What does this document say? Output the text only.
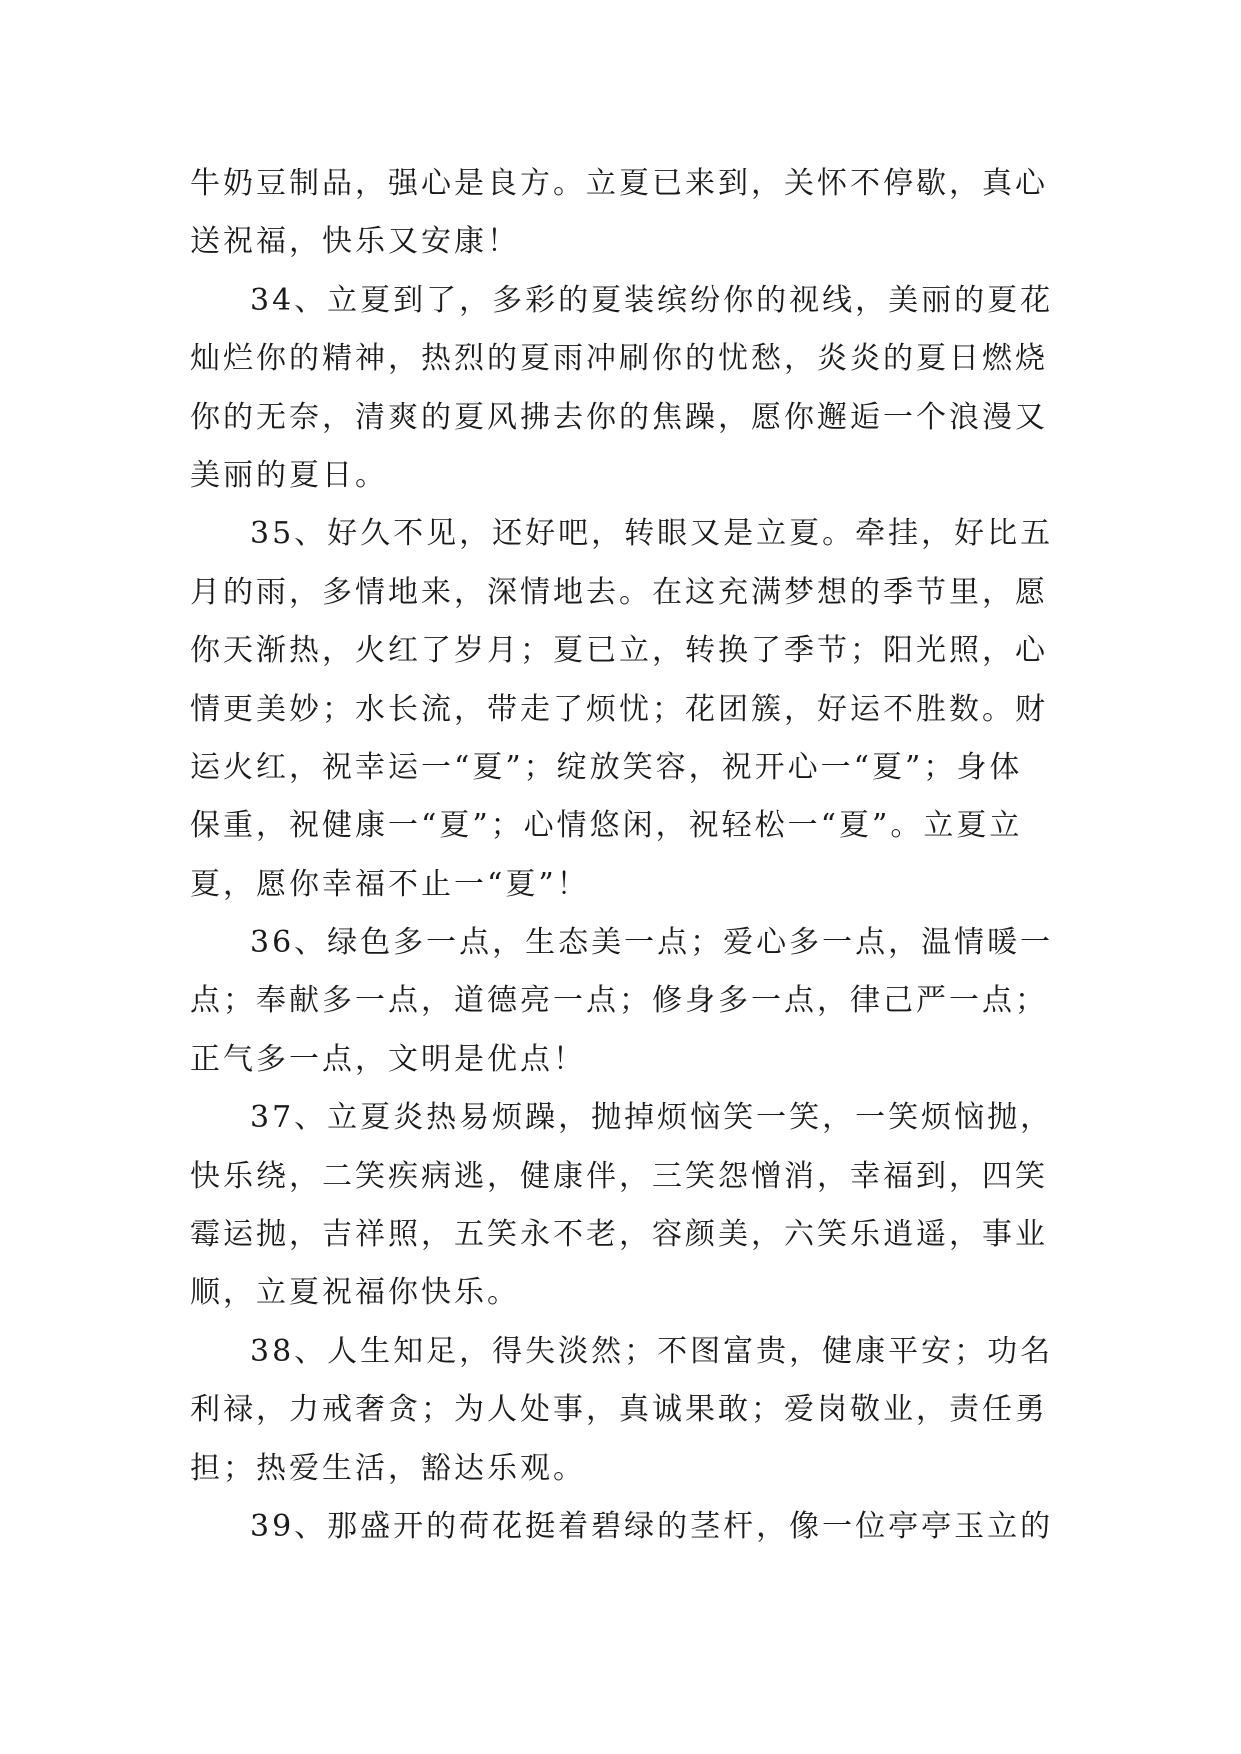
牛奶豆制品，强心是良方。立夏已来到，关怀不停歇，真心
送祝福，快乐又安康！
34、立夏到了，多彩的夏装缤纷你的视线，美丽的夏花
灿烂你的精神，热烈的夏雨冲刷你的忧愁，炎炎的夏日燃烧
你的无奈，清爽的夏风拂去你的焦躁，愿你邂逅一个浪漫又
美丽的夏日。
35、好久不见，还好吧，转眼又是立夏。牵挂，好比五
月的雨，多情地来，深情地去。在这充满梦想的季节里，愿
你天渐热，火红了岁月；夏已立，转换了季节；阳光照，心
情更美妙；水长流，带走了烦忧；花团簇，好运不胜数。财
运火红，祝幸运一“夏”；绽放笑容，祝开心一“夏”；身体
保重，祝健康一“夏”；心情悠闲，祝轻松一“夏”。立夏立
夏，愿你幸福不止一“夏”！
36、绿色多一点，生态美一点；爱心多一点，温情暖一
点；奉献多一点，道德亮一点；修身多一点，律己严一点；
正气多一点，文明是优点！
37、立夏炎热易烦躁，抛掉烦恼笑一笑，一笑烦恼抛，
快乐绕，二笑疾病逃，健康伴，三笑怨憎消，幸福到，四笑
霉运抛，吉祥照，五笑永不老，容颜美，六笑乐逍遥，事业
顺，立夏祝福你快乐。
38、人生知足，得失淡然；不图富贵，健康平安；功名
利禄，力戒奢贪；为人处事，真诚果敢；爱岗敬业，责任勇
担；热爱生活，豁达乐观。
39、那盛开的荷花挺着碧绿的茎杆，像一位亭亭玉立的
